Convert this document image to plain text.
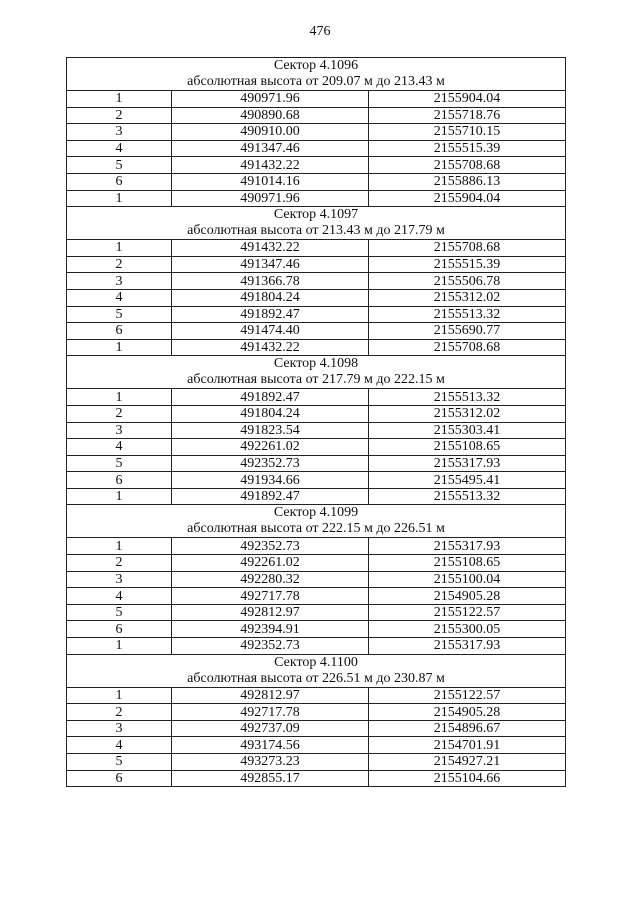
476
Сектор 4.1096
абсолютная высота от 209.07 м до 213.43 м		

1	490971.96	2155904.04
2	490890.68	2155718.76
3	490910.00	2155710.15
4	491347.46	2155515.39
5	491432.22	2155708.68
6	491014.16	2155886.13
1	490971.96	2155904.04

Сектор 4.1097
абсолютная высота от 213.43 м до 217.79 м		

1	491432.22	2155708.68
2	491347.46	2155515.39
3	491366.78	2155506.78
4	491804.24	2155312.02
5	491892.47	2155513.32
6	491474.40	2155690.77
1	491432.22	2155708.68

Сектор 4.1098
абсолютная высота от 217.79 м до 222.15 м		

1	491892.47	2155513.32
2	491804.24	2155312.02
3	491823.54	2155303.41
4	492261.02	2155108.65
5	492352.73	2155317.93
6	491934.66	2155495.41
1	491892.47	2155513.32

Сектор 4.1099
абсолютная высота от 222.15 м до 226.51 м		

1	492352.73	2155317.93
2	492261.02	2155108.65
3	492280.32	2155100.04
4	492717.78	2154905.28
5	492812.97	2155122.57
6	492394.91	2155300.05
1	492352.73	2155317.93

Сектор 4.1100
абсолютная высота от 226.51 м до 230.87 м		

1	492812.97	2155122.57
2	492717.78	2154905.28
3	492737.09	2154896.67
4	493174.56	2154701.91
5	493273.23	2154927.21
6	492855.17	2155104.66
